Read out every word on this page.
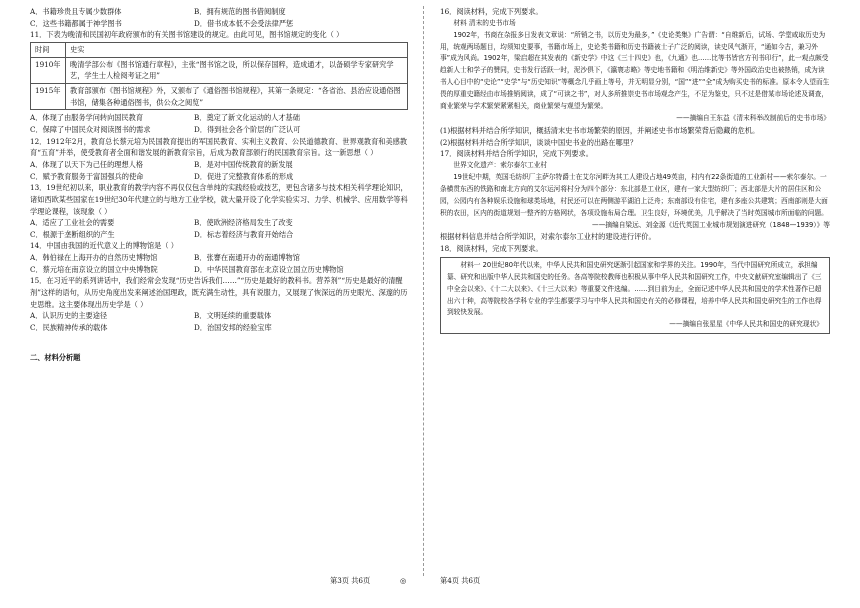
A．书籍珍贵且专属少数群体	B．拥有规范的图书借阅制度
C．这些书籍都属于神学图书	D．借书成本低不会受法律严惩

11．下表为晚清和民国初年政府颁布的有关图书馆建设的规定。由此可见，图书馆规定的变化（ ）

时间	史实
1910年	晚清学部公布《图书馆通行章程》，主张“图书馆之设，所以保存国粹，造成通才，以备硕学专家研究学艺，学生士人检阅考证之用”
1915年	教育部颁布《图书馆规程》外，又颁布了《通俗图书馆规程》，其第一条规定：“各省治、县治应设通俗图书馆，储集各种通俗图书，供公众之阅览”
A．体现了由服务学问转向国民教育	B．奠定了新文化运动的人才基础
C．保障了中国民众对阅读图书的需求	D．得到社会各个阶层的广泛认可

12．1912年2月，教育总长蔡元培为民国教育提出的军国民教育、实利主义教育、公民道德教育、世界观教育和美感教育“五育”并举，使受教育者全面和谐发展的新教育宗旨，后成为教育部颁行的民国教育宗旨。这一新思想（ ）

A．体现了以天下为己任的理想人格	B．是对中国传统教育的新发展
C．赋予教育服务于富国强兵的使命	D．促进了完整教育体系的形成

13．19世纪初以来，职业教育的教学内容不再仅仅包含单纯的实践经验或技艺，更包含诸多与技术相关科学理论知识，诸如西欧某些国家在19世纪30年代建立的与地方工业学校，就大量开设了化学实验实习、力学、机械学、应用数学等科学理论课程，该现象（ ）

A．适应了工业社会的需要	B．使欧洲经济格局发生了改变
C．根源于垄断组织的产生	D．标志着经济与教育开始结合

14．中国由我国的近代意义上的博物馆是（ ）

A．韩伯禄在上海开办的自然历史博物馆	B．张謇在南通开办的南通博物馆
C．蔡元培在南京设立的国立中央博物院	D．中华民国教育部在北京设立国立历史博物馆

15．在习近平的系列讲话中，我们经常会发现“历史告诉我们……”“历史是最好的教科书。营养剂”“历史是最好的清醒剂”这样的语句，从历史角度出发来阐述治国理政，既充满生动性，具有说服力，又展现了恢深远的历史眼光、深邃的历史思维。这主要体现出历史学是（ ）

A．认识历史的主要途径	B．文明延续的重要载体
C．民族精神传承的载体	D．治国安邦的经验宝库

二、材料分析题

16．阅读材料，完成下列要求。

材料 清末的史书市场

1902年，书商在杂报多日发表文章说：“所销之书，以历史为最多，”《史论类集》广告谓：“自维新后，试场、学堂咸取历史为用，统观两场题目，均须知史要事，书籍市场上，史论类书籍和历史书籍被士子广泛的阅读，读史风气渐开，“通如今古，兼习外事”成为风尚。1902年，梁启超在其发表的《新史学》中这《三十四史》也，《九通》也……比等书皆官方刊书印行”，此一观点颇受趋新人士和学子的赞同，史书发行活跃一时，泥沙俱下，《瀛寰志略》等史地书籍和《明治维新史》等外国政治史也被热销，成为读书人心目中的“史论”“史学”与“历史知识”等概念几乎画上等号，并无明显分别，“国”“进”“全”成为购买史书的标准。原本令人望而生畏的厚重史籍经由市场推销阅读，成了“可读之书”，对人多所推崇史书市场观念产生，不足为鉴史，只不过是借某市场论述及调查，商业繁荣与学术繁荣紧紧相关，商业繁荣与观望为繁荣。

——摘编自王东益《清末科举改制前后的史书市场》

(1)根据材料并结合所学知识，概括清末史书市场繁荣的原因，并阐述史书市场繁荣背后隐藏的危机。

(2)根据材料并结合所学知识，谈谈中国史书业的出路在哪里？

17．阅读材料并结合所学知识，完成下列要求。

世界文化遗产：索尔泰尔工业村

19世纪中期，英国毛纺织厂主萨尔特爵士在艾尔河畔为其工人建设占地49英亩，村内有22条街道的工业新村——索尔泰尔。一条横贯东西的铁路和南北方向的艾尔运河将村分为四个部分：东北部是工业区，建有一家大型纺织厂；西北部是大片的居住区和公园，公园内有各种娱乐设施和球类场地，村民还可以在两侧游平湖泊上泛舟；东南部设有住宅，建有多座公共建筑；西南部则是大面积的农田，区内的街道规划一整齐的方格网状，各项设施布局合理。卫生良好，环境优美，几乎解决了当时英国城市所面临的问题。

——摘编自梁远、刘金源《近代英国工业城市规划演进研究（1848—1939）》等

根据材料信息并结合所学知识，对索尔泰尔工业村的建设进行评价。

18．阅读材料，完成下列要求。

材料一 20世纪80年代以来，中华人民共和国史研究逐渐引起国家和学界的关注。1990年，当代中国研究所成立，承担编纂、研究和出版中华人民共和国史的任务。各高等院校教师也积极从事中华人民共和国研究工作，中央文献研究室编辑出了《三中全会以来》、《十二大以来》、《十三大以来》等重要文件选编。……到目前为止，全面记述中华人民共和国史的学术性著作已超出六十种，高等院校各学科专业的学生都要学习与中华人民共和国史有关的必修课程，培养中华人民共和国史研究生的工作也得到较快发展。

——摘编自张星星《中华人民共和国史的研究现状》

第3页 共6页	◎	第4页 共6页
